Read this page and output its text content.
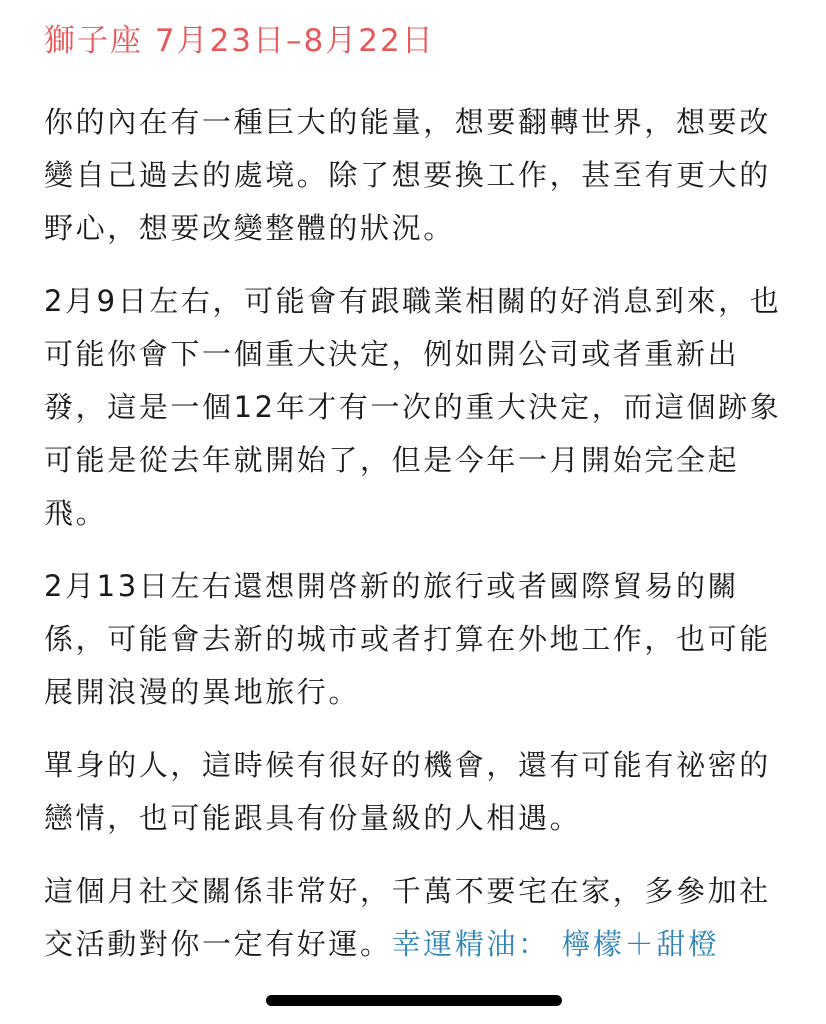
獅子座 7月23日–8月22日

你的內在有一種巨大的能量，想要翻轉世界，想要改變自己過去的處境。除了想要換工作，甚至有更大的野心，想要改變整體的狀況。

2月9日左右，可能會有跟職業相關的好消息到來，也可能你會下一個重大決定，例如開公司或者重新出發，這是一個12年才有一次的重大決定，而這個跡象可能是從去年就開始了，但是今年一月開始完全起飛。

2月13日左右還想開啓新的旅行或者國際貿易的關係，可能會去新的城市或者打算在外地工作，也可能展開浪漫的異地旅行。

單身的人，這時候有很好的機會，還有可能有祕密的戀情，也可能跟具有份量級的人相遇。

這個月社交關係非常好，千萬不要宅在家，多參加社交活動對你一定有好運。幸運精油： 檸檬＋甜橙
